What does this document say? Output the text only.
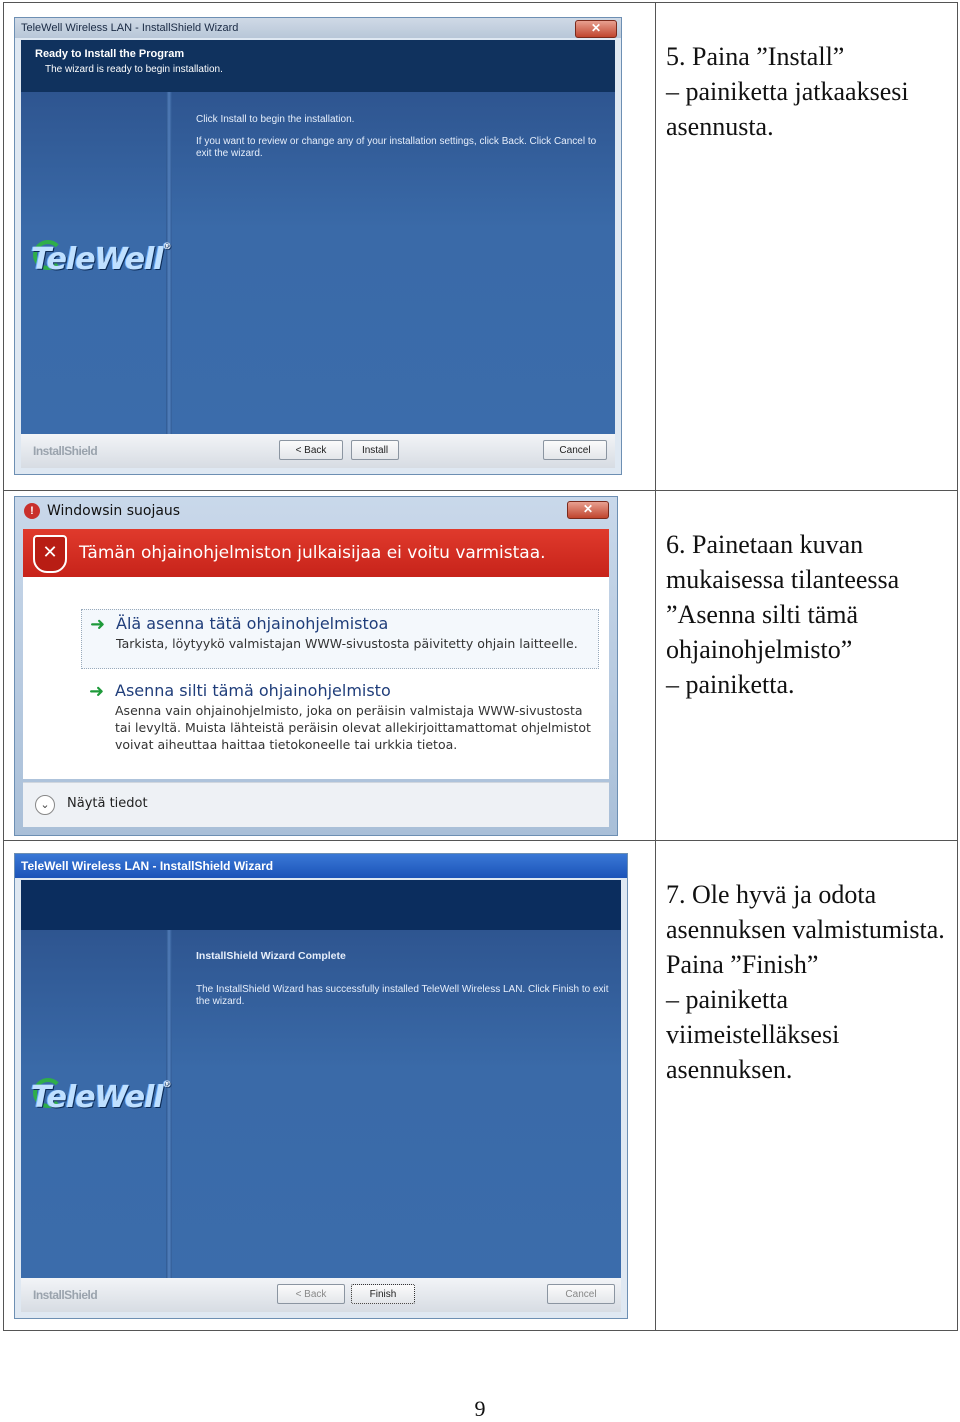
5. Paina ”Install”
– painiketta jatkaaksesi asennusta.
6. Painetaan kuvan mukaisessa tilanteessa ”Asenna silti tämä ohjainohjelmisto”
– painiketta.
7. Ole hyvä ja odota asennuksen valmistumista.
Paina ”Finish”
– painiketta viimeistelläksesi asennuksen.
TeleWell Wireless LAN - InstallShield Wizard	✕
Ready to Install the Program
The wizard is ready to begin installation.
Click Install to begin the installation.
If you want to review or change any of your installation settings, click Back. Click Cancel to exit the wizard.
TeleWell®
InstallShield	< Back	Install	Cancel
! Windowsin suojaus	✕
✕	Tämän ohjainohjelmiston julkaisijaa ei voitu varmistaa.
➜ Älä asenna tätä ohjainohjelmistoa
Tarkista, löytyykö valmistajan WWW-sivustosta päivitetty ohjain laitteelle.
➜ Asenna silti tämä ohjainohjelmisto
Asenna vain ohjainohjelmisto, joka on peräisin valmistaja WWW-sivustosta tai levyltä. Muista lähteistä peräisin olevat allekirjoittamattomat ohjelmistot voivat aiheuttaa haittaa tietokoneelle tai urkkia tietoa.
⌄	Näytä tiedot
TeleWell Wireless LAN - InstallShield Wizard
InstallShield Wizard Complete
The InstallShield Wizard has successfully installed TeleWell Wireless LAN. Click Finish to exit the wizard.
TeleWell®
InstallShield	< Back	Finish	Cancel
9
